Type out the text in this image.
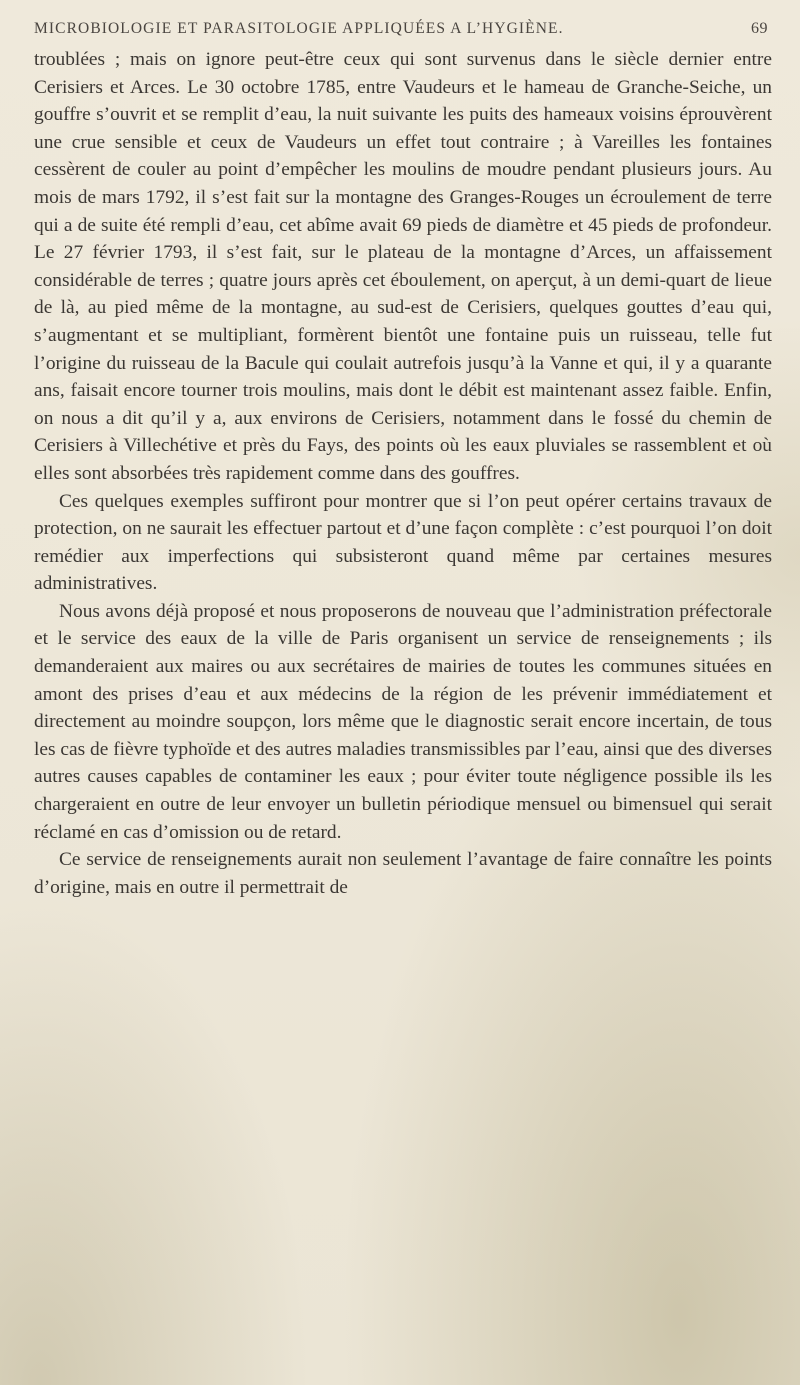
MICROBIOLOGIE ET PARASITOLOGIE APPLIQUÉES A L’HYGIÈNE.	69

troublées ; mais on ignore peut-être ceux qui sont survenus dans le siècle dernier entre Cerisiers et Arces. Le 30 octobre 1785, entre Vaudeurs et le hameau de Granche-Seiche, un gouffre s’ouvrit et se remplit d’eau, la nuit suivante les puits des hameaux voisins éprouvèrent une crue sensible et ceux de Vaudeurs un effet tout contraire ; à Vareilles les fontaines cessèrent de couler au point d’empêcher les moulins de moudre pendant plusieurs jours. Au mois de mars 1792, il s’est fait sur la montagne des Granges-Rouges un écroulement de terre qui a de suite été rempli d’eau, cet abîme avait 69 pieds de diamètre et 45 pieds de profondeur. Le 27 février 1793, il s’est fait, sur le plateau de la montagne d’Arces, un affaissement considérable de terres ; quatre jours après cet éboulement, on aperçut, à un demi-quart de lieue de là, au pied même de la montagne, au sud-est de Cerisiers, quelques gouttes d’eau qui, s’augmentant et se multipliant, formèrent bientôt une fontaine puis un ruisseau, telle fut l’origine du ruisseau de la Bacule qui coulait autrefois jusqu’à la Vanne et qui, il y a quarante ans, faisait encore tourner trois moulins, mais dont le débit est maintenant assez faible. Enfin, on nous a dit qu’il y a, aux environs de Cerisiers, notamment dans le fossé du chemin de Cerisiers à Villechétive et près du Fays, des points où les eaux pluviales se rassemblent et où elles sont absorbées très rapidement comme dans des gouffres.

Ces quelques exemples suffiront pour montrer que si l’on peut opérer certains travaux de protection, on ne saurait les effectuer partout et d’une façon complète : c’est pourquoi l’on doit remédier aux imperfections qui subsisteront quand même par certaines mesures administratives.

Nous avons déjà proposé et nous proposerons de nouveau que l’administration préfectorale et le service des eaux de la ville de Paris organisent un service de renseignements ; ils demanderaient aux maires ou aux secrétaires de mairies de toutes les communes situées en amont des prises d’eau et aux médecins de la région de les prévenir immédiatement et directement au moindre soupçon, lors même que le diagnostic serait encore incertain, de tous les cas de fièvre typhoïde et des autres maladies transmissibles par l’eau, ainsi que des diverses autres causes capables de contaminer les eaux ; pour éviter toute négligence possible ils les chargeraient en outre de leur envoyer un bulletin périodique mensuel ou bimensuel qui serait réclamé en cas d’omission ou de retard.

Ce service de renseignements aurait non seulement l’avantage de faire connaître les points d’origine, mais en outre il permettrait de
